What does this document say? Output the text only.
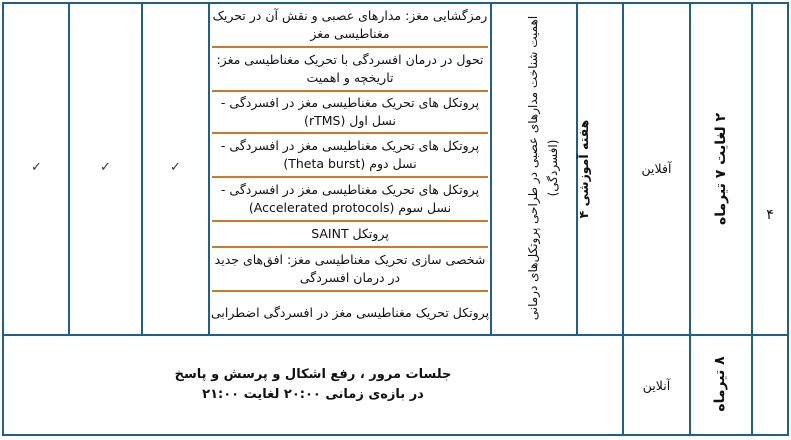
۴
۲ لغایت ۷ تیرماه
آفلاین
هفته آموزشی ۴
اهمیت شناخت مدارهای عصبی در طراحی پروتکل‌های درمانی (افسردگی)
رمزگشایی مغز: مدارهای عصبی و نقش آن در تحریک مغناطیسی مغز
تحول در درمان افسردگی با تحریک مغناطیسی مغز: تاریخچه و اهمیت
پروتکل های تحریک مغناطیسی مغز در افسردگی - نسل اول (rTMS)
پروتکل های تحریک مغناطیسی مغز در افسردگی - نسل دوم (Theta burst)
پروتکل های تحریک مغناطیسی مغز در افسردگی - نسل سوم (Accelerated protocols)
پروتکل SAINT
شخصی سازی تحریک مغناطیسی مغز: افق‌های جدید در درمان افسردگی
پروتکل تحریک مغناطیسی مغز در افسردگی اضطرابی
✓
✓
✓
۸ تیرماه
آنلاین
جلسات مرور ، رفع اشکال و پرسش و پاسخ
در بازه‌ی زمانی ۲۰:۰۰ لغایت ۲۱:۰۰
